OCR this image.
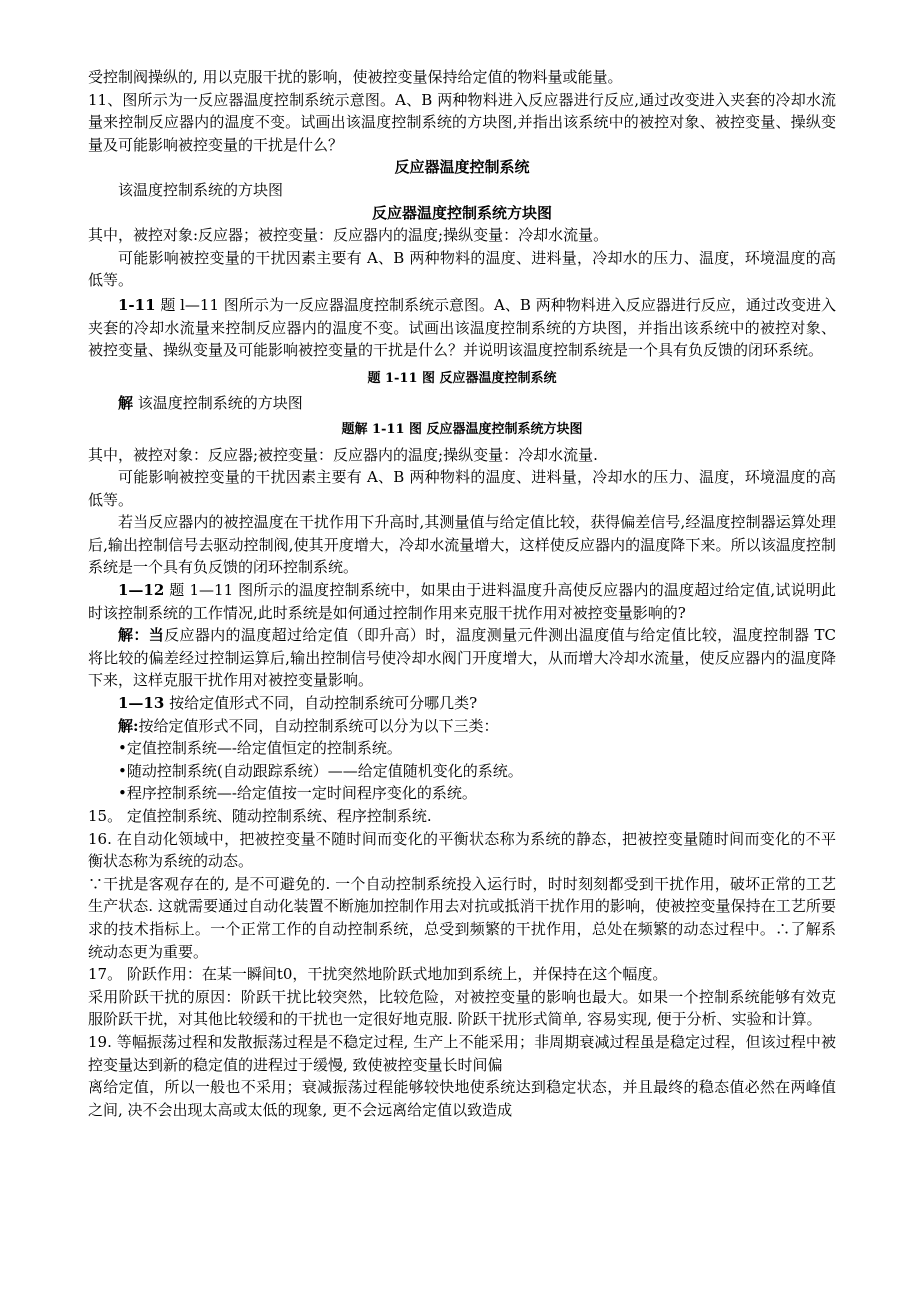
受控制阀操纵的, 用以克服干扰的影响，使被控变量保持给定值的物料量或能量。

11、图所示为一反应器温度控制系统示意图。A、B 两种物料进入反应器进行反应,通过改变进入夹套的冷却水流量来控制反应器内的温度不变。试画出该温度控制系统的方块图,并指出该系统中的被控对象、被控变量、操纵变量及可能影响被控变量的干扰是什么？

反应器温度控制系统

该温度控制系统的方块图

反应器温度控制系统方块图

其中，被控对象:反应器；被控变量：反应器内的温度;操纵变量：冷却水流量。

可能影响被控变量的干扰因素主要有 A、B 两种物料的温度、进料量，冷却水的压力、温度，环境温度的高低等。

1-11 题 l—11 图所示为一反应器温度控制系统示意图。A、B 两种物料进入反应器进行反应，通过改变进入夹套的冷却水流量来控制反应器内的温度不变。试画出该温度控制系统的方块图，并指出该系统中的被控对象、被控变量、操纵变量及可能影响被控变量的干扰是什么？并说明该温度控制系统是一个具有负反馈的闭环系统。

题 1-11 图 反应器温度控制系统

解 该温度控制系统的方块图

题解 1-11 图 反应器温度控制系统方块图

其中，被控对象：反应器;被控变量：反应器内的温度;操纵变量：冷却水流量.

可能影响被控变量的干扰因素主要有 A、B 两种物料的温度、进料量，冷却水的压力、温度，环境温度的高低等。

若当反应器内的被控温度在干扰作用下升高时,其测量值与给定值比较，获得偏差信号,经温度控制器运算处理后,输出控制信号去驱动控制阀,使其开度增大，冷却水流量增大，这样使反应器内的温度降下来。所以该温度控制系统是一个具有负反馈的闭环控制系统。

1—12 题 1—11 图所示的温度控制系统中，如果由于进料温度升高使反应器内的温度超过给定值,试说明此时该控制系统的工作情况,此时系统是如何通过控制作用来克服干扰作用对被控变量影响的?

解：当反应器内的温度超过给定值（即升高）时，温度测量元件测出温度值与给定值比较，温度控制器 TC 将比较的偏差经过控制运算后,输出控制信号使冷却水阀门开度增大，从而增大冷却水流量，使反应器内的温度降下来，这样克服干扰作用对被控变量影响。

1—13 按给定值形式不同，自动控制系统可分哪几类?

解:按给定值形式不同，自动控制系统可以分为以下三类：

•定值控制系统—-给定值恒定的控制系统。

•随动控制系统(自动跟踪系统）——给定值随机变化的系统。

•程序控制系统—-给定值按一定时间程序变化的系统。

15。 定值控制系统、随动控制系统、程序控制系统.

16. 在自动化领域中，把被控变量不随时间而变化的平衡状态称为系统的静态，把被控变量随时间而变化的不平衡状态称为系统的动态。

∵干扰是客观存在的, 是不可避免的. 一个自动控制系统投入运行时，时时刻刻都受到干扰作用，破坏正常的工艺生产状态. 这就需要通过自动化装置不断施加控制作用去对抗或抵消干扰作用的影响，使被控变量保持在工艺所要求的技术指标上。一个正常工作的自动控制系统，总受到频繁的干扰作用，总处在频繁的动态过程中。∴了解系统动态更为重要。

17。 阶跃作用：在某一瞬间t0，干扰突然地阶跃式地加到系统上，并保持在这个幅度。

采用阶跃干扰的原因：阶跃干扰比较突然，比较危险，对被控变量的影响也最大。如果一个控制系统能够有效克服阶跃干扰，对其他比较缓和的干扰也一定很好地克服. 阶跃干扰形式简单, 容易实现, 便于分析、实验和计算。

19. 等幅振荡过程和发散振荡过程是不稳定过程, 生产上不能采用；非周期衰减过程虽是稳定过程，但该过程中被控变量达到新的稳定值的进程过于缓慢, 致使被控变量长时间偏

离给定值，所以一般也不采用；衰减振荡过程能够较快地使系统达到稳定状态，并且最终的稳态值必然在两峰值之间, 决不会出现太高或太低的现象, 更不会远离给定值以致造成
